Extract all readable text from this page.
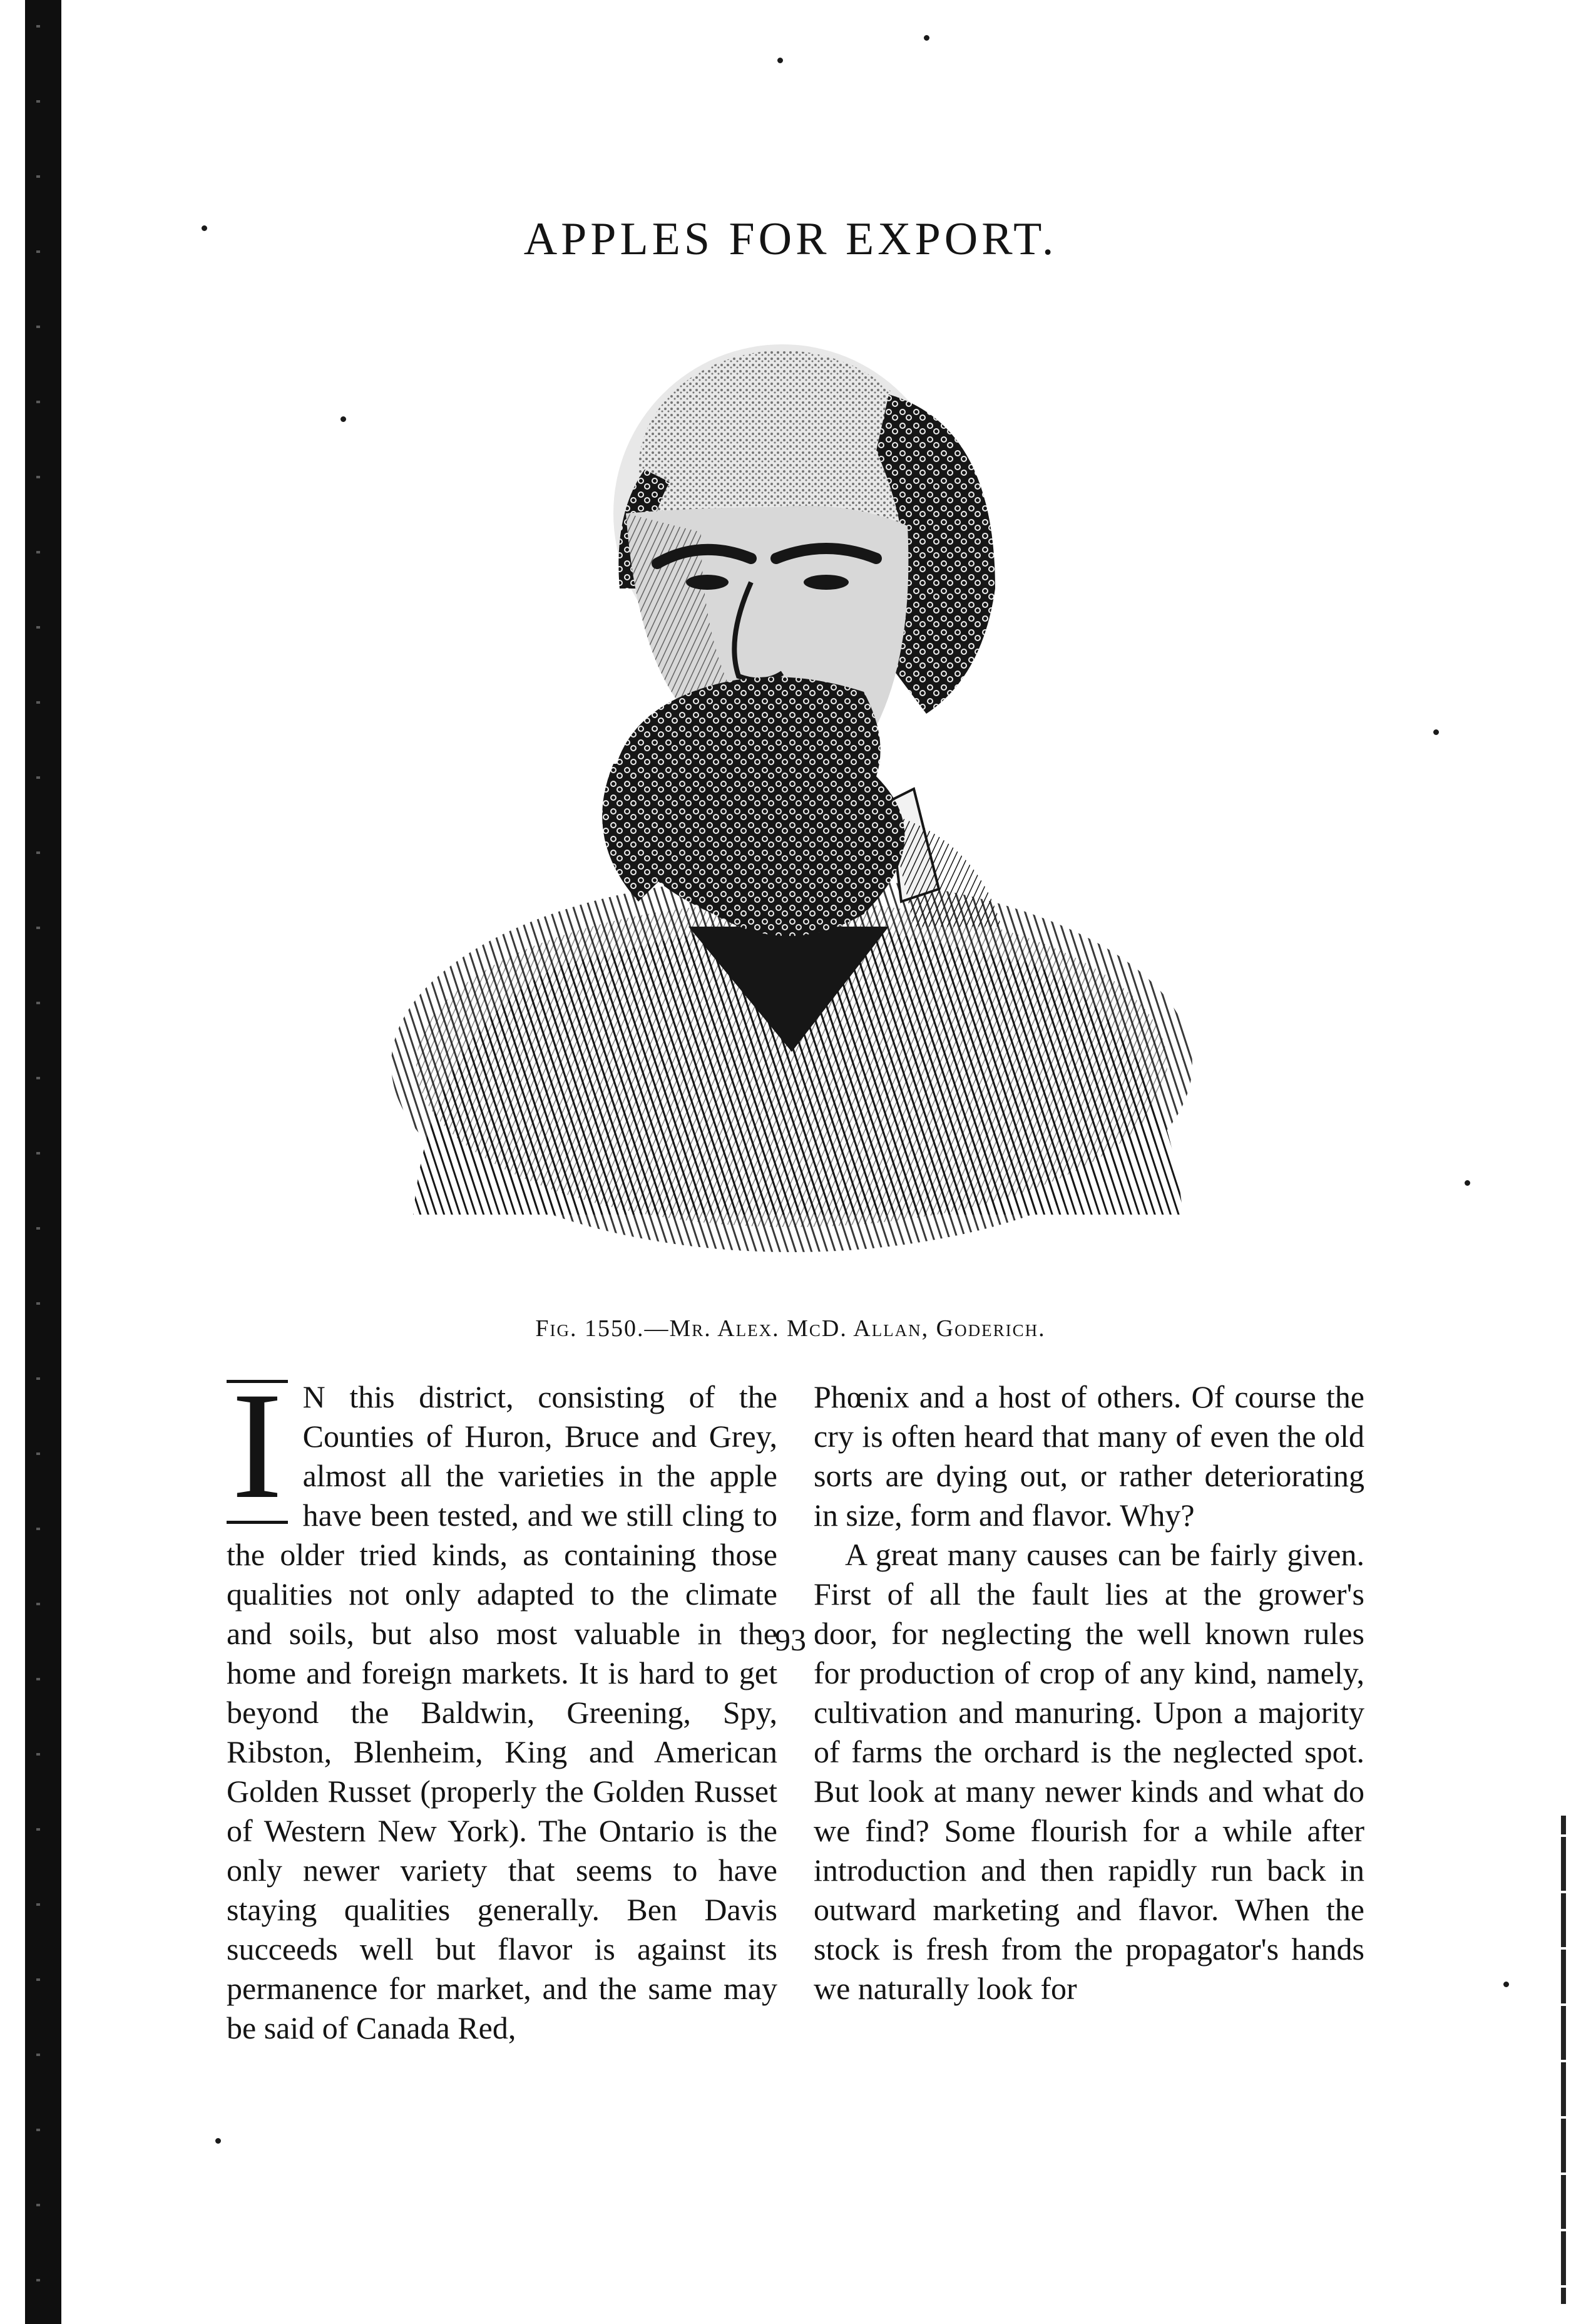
APPLES FOR EXPORT.
Fig. 1550.—Mr. Alex. McD. Allan, Goderich.

I N this district, consisting of the Counties of Huron, Bruce and Grey, almost all the varieties in the apple have been tested, and we still cling to the older tried kinds, as containing those qualities not only adapted to the climate and soils, but also most valuable in the home and foreign markets. It is hard to get beyond the Baldwin, Greening, Spy, Ribston, Blenheim, King and American Golden Russet (properly the Golden Russet of Western New York). The Ontario is the only newer variety that seems to have staying qualities generally. Ben Davis succeeds well but flavor is against its permanence for market, and the same may be said of Canada Red,

Phœnix and a host of others. Of course the cry is often heard that many of even the old sorts are dying out, or rather deteriorating in size, form and flavor. Why?

A great many causes can be fairly given. First of all the fault lies at the grower's door, for neglecting the well known rules for production of crop of any kind, namely, cultivation and manuring. Upon a majority of farms the orchard is the neglected spot. But look at many newer kinds and what do we find? Some flourish for a while after introduction and then rapidly run back in outward marketing and flavor. When the stock is fresh from the propagator's hands we naturally look for

93
